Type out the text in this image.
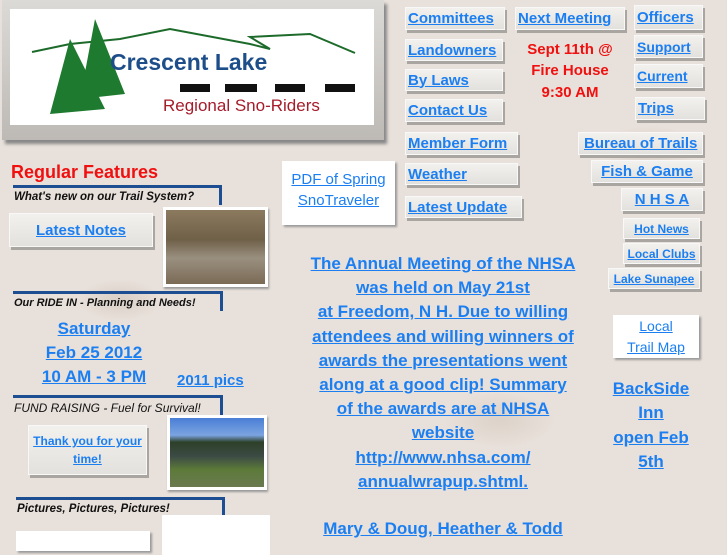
Crescent Lake
Regional Sno-Riders
Committees	Next Meeting	Officers
Landowners	Support
By Laws	Current
Contact Us	Trips
Member Form	Bureau of Trails
Weather	Fish & Game
Latest Update	N H S A
Hot News
Local Clubs
Lake Sunapee
Sept 11th @
Fire House
9:30 AM
PDF of Spring
SnoTraveler
Regular Features
What's new on our Trail System?
Latest Notes
Our RIDE IN - Planning and Needs!
Saturday
Feb 25 2012
10 AM - 3 PM	2011 pics
FUND RAISING - Fuel for Survival!
Thank you for your time!
Pictures, Pictures, Pictures!
The Annual Meeting of the NHSA
was held on May 21st
at Freedom, N H. Due to willing
attendees and willing winners of
awards the presentations went
along at a good clip! Summary
of the awards are at NHSA
website
http://www.nhsa.com/
annualwrapup.shtml.
Mary & Doug, Heather & Todd
Local
Trail Map
BackSide
Inn
open Feb
5th
